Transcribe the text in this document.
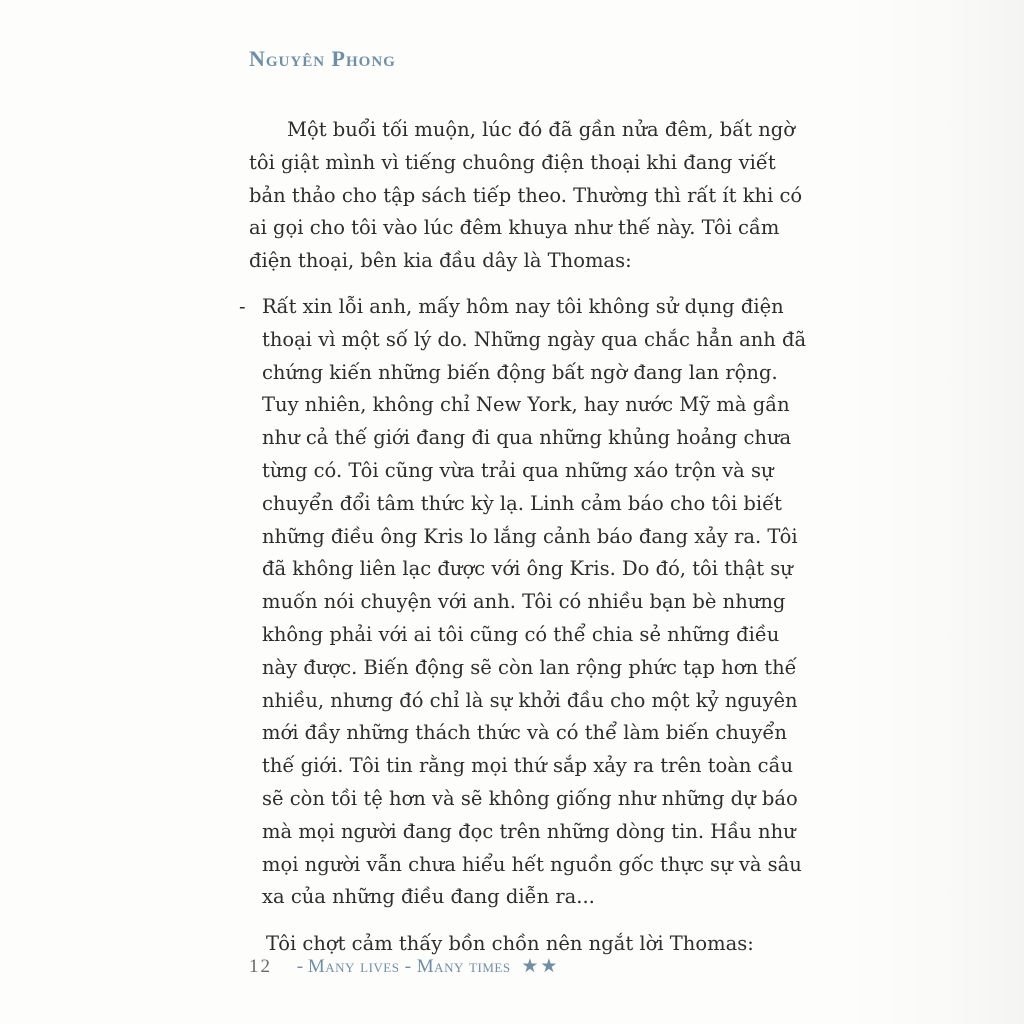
Nguyên Phong

Một buổi tối muộn, lúc đó đã gần nửa đêm, bất ngờ tôi giật mình vì tiếng chuông điện thoại khi đang viết bản thảo cho tập sách tiếp theo. Thường thì rất ít khi có ai gọi cho tôi vào lúc đêm khuya như thế này. Tôi cầm điện thoại, bên kia đầu dây là Thomas:

- Rất xin lỗi anh, mấy hôm nay tôi không sử dụng điện thoại vì một số lý do. Những ngày qua chắc hẳn anh đã chứng kiến những biến động bất ngờ đang lan rộng. Tuy nhiên, không chỉ New York, hay nước Mỹ mà gần như cả thế giới đang đi qua những khủng hoảng chưa từng có. Tôi cũng vừa trải qua những xáo trộn và sự chuyển đổi tâm thức kỳ lạ. Linh cảm báo cho tôi biết những điều ông Kris lo lắng cảnh báo đang xảy ra. Tôi đã không liên lạc được với ông Kris. Do đó, tôi thật sự muốn nói chuyện với anh. Tôi có nhiều bạn bè nhưng không phải với ai tôi cũng có thể chia sẻ những điều này được. Biến động sẽ còn lan rộng phức tạp hơn thế nhiều, nhưng đó chỉ là sự khởi đầu cho một kỷ nguyên mới đầy những thách thức và có thể làm biến chuyển thế giới. Tôi tin rằng mọi thứ sắp xảy ra trên toàn cầu sẽ còn tồi tệ hơn và sẽ không giống như những dự báo mà mọi người đang đọc trên những dòng tin. Hầu như mọi người vẫn chưa hiểu hết nguồn gốc thực sự và sâu xa của những điều đang diễn ra...

Tôi chợt cảm thấy bồn chồn nên ngắt lời Thomas:

12 - Many lives - Many times ★★
